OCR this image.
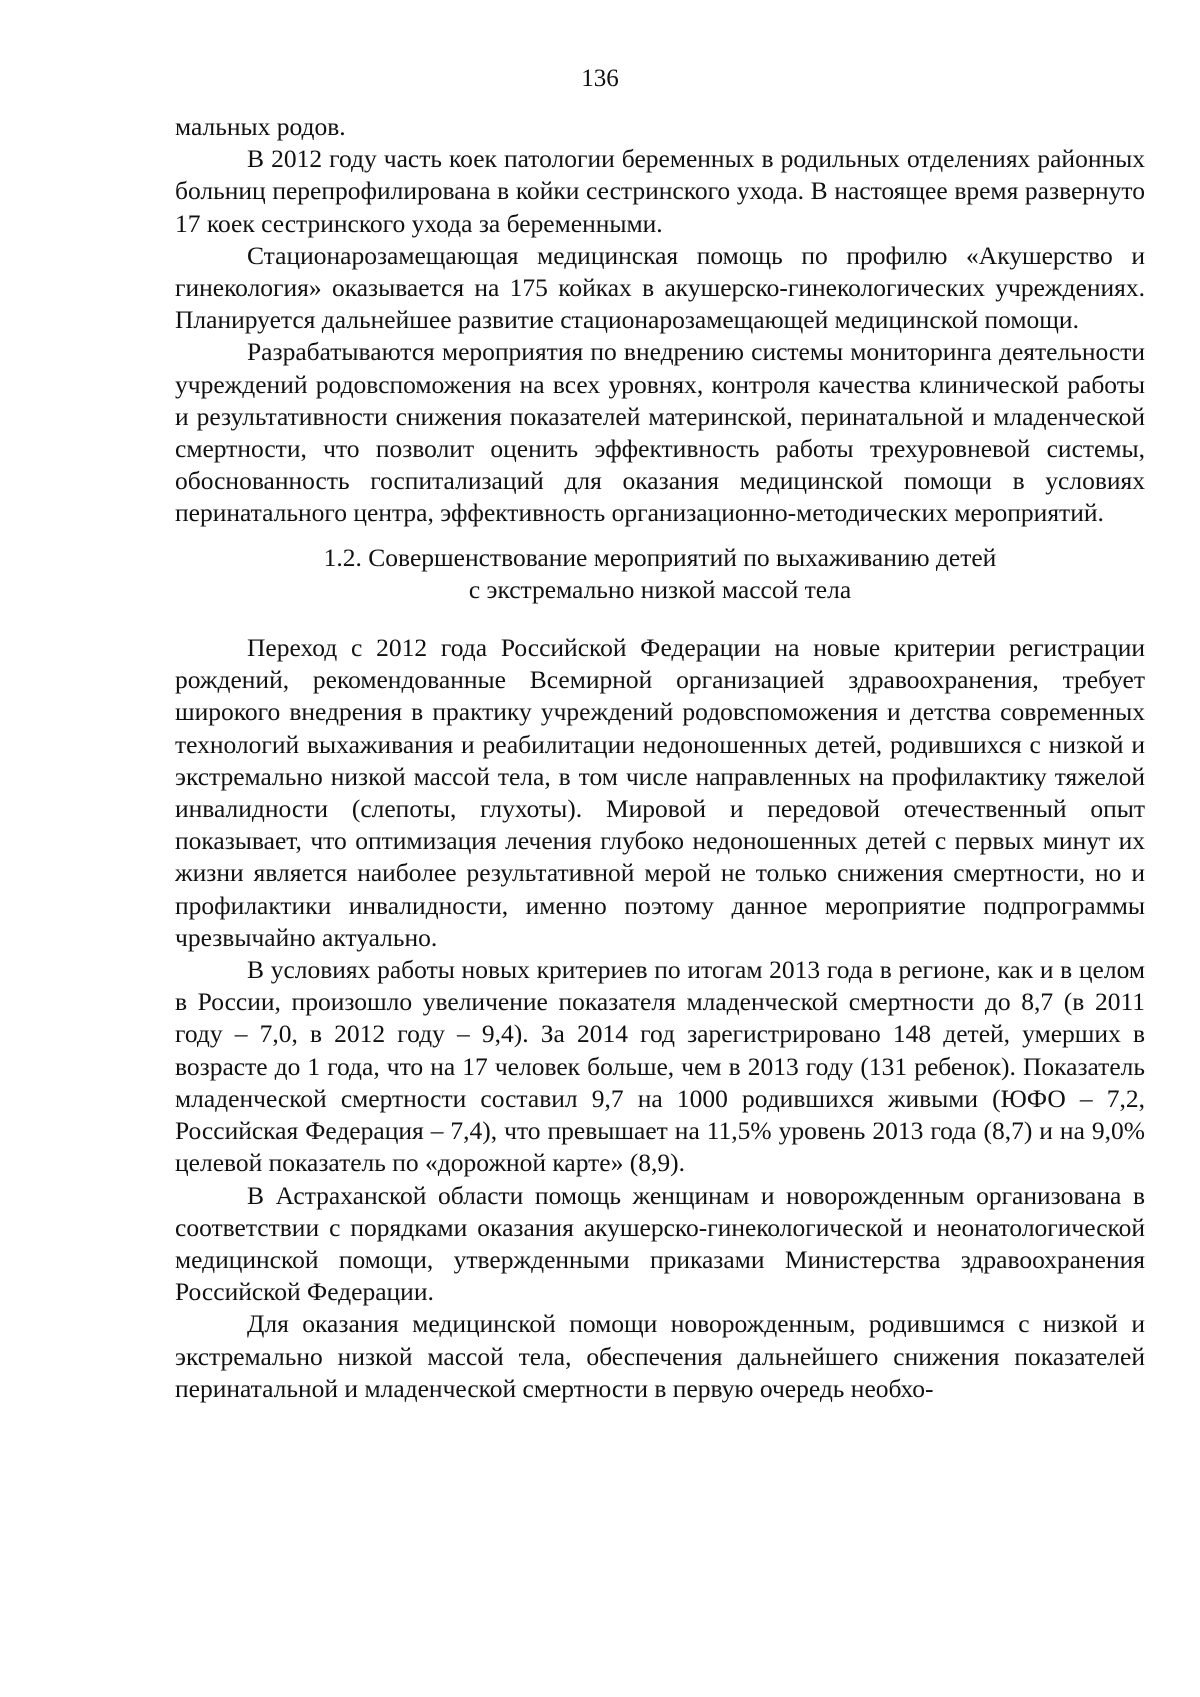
136

мальных родов.

В 2012 году часть коек патологии беременных в родильных отделениях районных больниц перепрофилирована в койки сестринского ухода. В настоящее время развернуто 17 коек сестринского ухода за беременными.

Стационарозамещающая медицинская помощь по профилю «Акушерство и гинекология» оказывается на 175 койках в акушерско-гинекологических учреждениях. Планируется дальнейшее развитие стационарозамещающей медицинской помощи.

Разрабатываются мероприятия по внедрению системы мониторинга деятельности учреждений родовспоможения на всех уровнях, контроля качества клинической работы и результативности снижения показателей материнской, перинатальной и младенческой смертности, что позволит оценить эффективность работы трехуровневой системы, обоснованность госпитализаций для оказания медицинской помощи в условиях перинатального центра, эффективность организационно-методических мероприятий.

1.2. Совершенствование мероприятий по выхаживанию детей
с экстремально низкой массой тела

Переход с 2012 года Российской Федерации на новые критерии регистрации рождений, рекомендованные Всемирной организацией здравоохранения, требует широкого внедрения в практику учреждений родовспоможения и детства современных технологий выхаживания и реабилитации недоношенных детей, родившихся с низкой и экстремально низкой массой тела, в том числе направленных на профилактику тяжелой инвалидности (слепоты, глухоты). Мировой и передовой отечественный опыт показывает, что оптимизация лечения глубоко недоношенных детей с первых минут их жизни является наиболее результативной мерой не только снижения смертности, но и профилактики инвалидности, именно поэтому данное мероприятие подпрограммы чрезвычайно актуально.

В условиях работы новых критериев по итогам 2013 года в регионе, как и в целом в России, произошло увеличение показателя младенческой смертности до 8,7 (в 2011 году – 7,0, в 2012 году – 9,4). За 2014 год зарегистрировано 148 детей, умерших в возрасте до 1 года, что на 17 человек больше, чем в 2013 году (131 ребенок). Показатель младенческой смертности составил 9,7 на 1000 родившихся живыми (ЮФО – 7,2, Российская Федерация – 7,4), что превышает на 11,5% уровень 2013 года (8,7) и на 9,0% целевой показатель по «дорожной карте» (8,9).

В Астраханской области помощь женщинам и новорожденным организована в соответствии с порядками оказания акушерско-гинекологической и неонатологической медицинской помощи, утвержденными приказами Министерства здравоохранения Российской Федерации.

Для оказания медицинской помощи новорожденным, родившимся с низкой и экстремально низкой массой тела, обеспечения дальнейшего снижения показателей перинатальной и младенческой смертности в первую очередь необхо-
